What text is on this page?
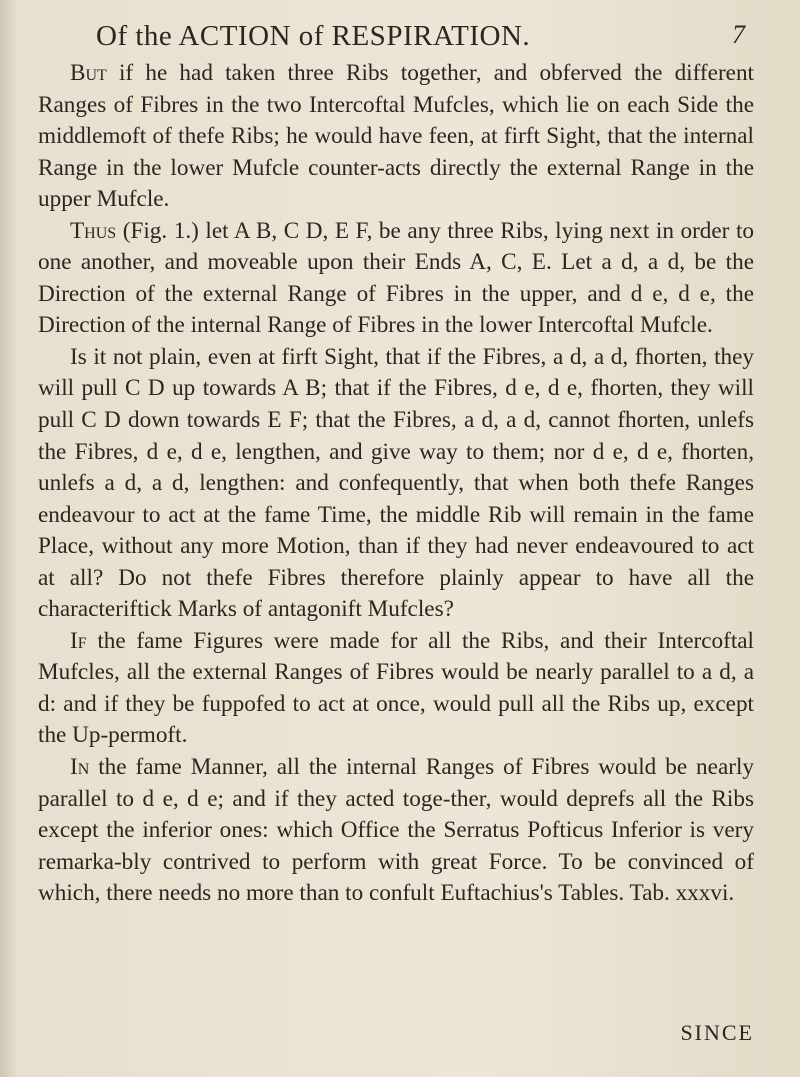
Of the ACTION of RESPIRATION.	7

But if he had taken three Ribs together, and obferved the different Ranges of Fibres in the two Intercoftal Mufcles, which lie on each Side the middlemoft of thefe Ribs; he would have feen, at firft Sight, that the internal Range in the lower Mufcle counter-acts directly the external Range in the upper Mufcle.

Thus (Fig. 1.) let A B, C D, E F, be any three Ribs, lying next in order to one another, and moveable upon their Ends A, C, E. Let a d, a d, be the Direction of the external Range of Fibres in the upper, and d e, d e, the Direction of the internal Range of Fibres in the lower Intercoftal Mufcle.

Is it not plain, even at firft Sight, that if the Fibres, a d, a d, fhorten, they will pull C D up towards A B; that if the Fibres, d e, d e, fhorten, they will pull C D down towards E F; that the Fibres, a d, a d, cannot fhorten, unlefs the Fibres, d e, d e, lengthen, and give way to them; nor d e, d e, fhorten, unlefs a d, a d, lengthen: and confequently, that when both thefe Ranges endeavour to act at the fame Time, the middle Rib will remain in the fame Place, without any more Motion, than if they had never endeavoured to act at all? Do not thefe Fibres therefore plainly appear to have all the characteriftick Marks of antagonift Mufcles?

If the fame Figures were made for all the Ribs, and their Intercoftal Mufcles, all the external Ranges of Fibres would be nearly parallel to a d, a d: and if they be fuppofed to act at once, would pull all the Ribs up, except the Up-permoft.

In the fame Manner, all the internal Ranges of Fibres would be nearly parallel to d e, d e; and if they acted toge-ther, would deprefs all the Ribs except the inferior ones: which Office the Serratus Pofticus Inferior is very remarka-bly contrived to perform with great Force. To be convinced of which, there needs no more than to confult Euftachius's Tables. Tab. xxxvi.

SINCE
